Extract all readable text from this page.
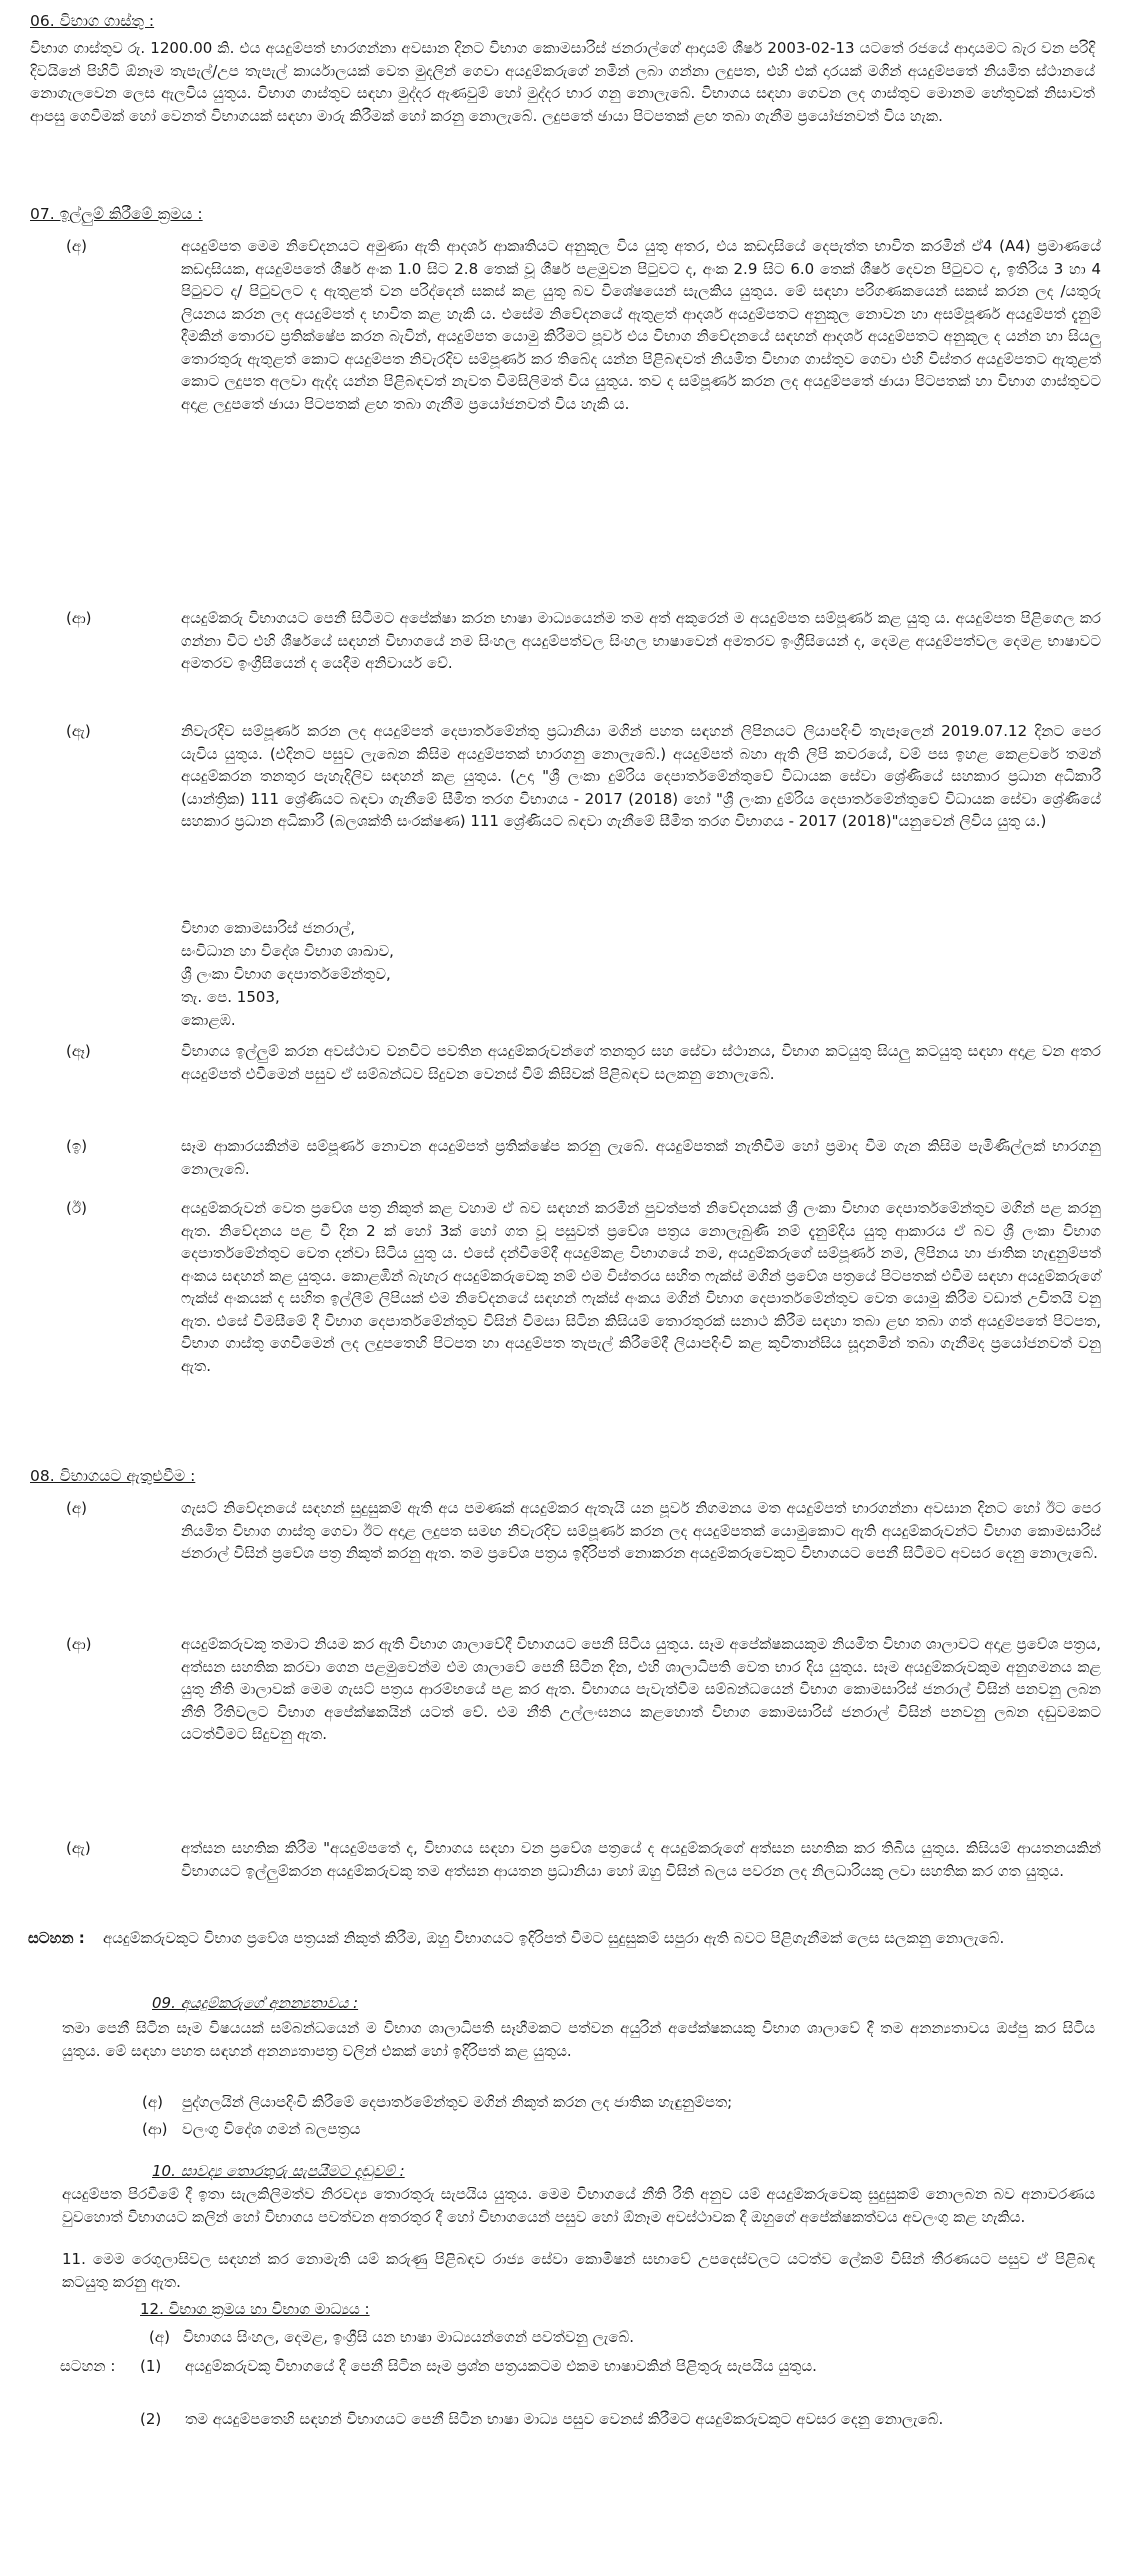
06. විභාග ගාස්තු :
විභාග ගාස්තුව රු. 1200.00 කි. එය අයදුම්පත් භාරගන්නා අවසාන දිනට විභාග කොමසාරිස් ජනරාල්ගේ ආදායම් ශීර්ෂ 2003-02-13 යටතේ රජයේ ආදායමට බැර වන පරිදි දිවයිනේ පිහිටි ඕනෑම තැපැල්/උප තැපැල් කාර්යාලයක් වෙත මුදලින් ගෙවා අයදුම්කරුගේ නමින් ලබා ගන්නා ලදුපත, එහි එක් දාරයක් මගින් අයදුම්පතේ නියමිත ස්ථානයේ නොගැලවෙන ලෙස ඇලවිය යුතුය. විභාග ගාස්තුව සඳහා මුද්දර ඇණවුම් හෝ මුද්දර භාර ගනු නොලැබේ. විභාගය සඳහා ගෙවන ලද ගාස්තුව මොනම හේතුවක් නිසාවත් ආපසු ගෙවීමක් හෝ වෙනත් විභාගයක් සඳහා මාරු කිරීමක් හෝ කරනු නොලැබේ. ලදුපතේ ඡායා පිටපතක් ළඟ තබා ගැනීම ප්‍රයෝජනවත් විය හැක.
07. ඉල්ලුම් කිරීමේ ක්‍රමය :
(අ)	අයදුම්පත මෙම නිවේදනයට අමුණා ඇති ආදර්ශ ආකෘතියට අනුකූල විය යුතු අතර, එය කඩදාසියේ දෙපැත්ත භාවිත කරමින් ඒ4 (A4) ප්‍රමාණයේ කඩදාසියක, අයදුම්පතේ ශීර්ෂ අංක 1.0 සිට 2.8 තෙක් වූ ශීර්ෂ පළමුවන පිටුවට ද, අංක 2.9 සිට 6.0 තෙක් ශීර්ෂ දෙවන පිටුවට ද, ඉතිරිය 3 හා 4 පිටුවට ද/ පිටුවලට ද ඇතුළත් වන පරිද්දෙන් සකස් කළ යුතු බව විශේෂයෙන් සැලකිය යුතුය. මේ සඳහා පරිගණකයෙන් සකස් කරන ලද /යතුරු ලියනය කරන ලද අයදුම්පත් ද භාවිත කළ හැකි ය. එසේම නිවේදනයේ ඇතුළත් ආදර්ශ අයදුම්පතට අනුකූල නොවන හා අසම්පූර්ණ අයදුම්පත් දැනුම් දීමකින් තොරව ප්‍රතික්ෂේප කරන බැවින්, අයදුම්පත යොමු කිරීමට පූර්ව එය විභාග නිවේදනයේ සඳහන් ආදර්ශ අයදුම්පතට අනුකූල ද යන්න හා සියලු තොරතුරු ඇතුළත් කොට අයදුම්පත නිවැරදිව සම්පූර්ණ කර තිබේද යන්න පිළිබඳවත් නියමිත විභාග ගාස්තුව ගෙවා එහි විස්තර අයදුම්පතට ඇතුළත් කොට ලදුපත අලවා ඇද්ද යන්න පිළිබඳවත් නැවත විමසිලිමත් විය යුතුය. තව ද සම්පූර්ණ කරන ලද අයදුම්පතේ ඡායා පිටපතක් හා විභාග ගාස්තුවට අදාළ ලදුපතේ ඡායා පිටපතක් ළඟ තබා ගැනීම ප්‍රයෝජනවත් විය හැකි ය.
(ආ)	අයදුම්කරු විභාගයට පෙනී සිටීමට අපේක්ෂා කරන භාෂා මාධ්‍යයෙන්ම තම අත් අකුරෙන් ම අයදුම්පත සම්පූර්ණ කළ යුතු ය. අයදුම්පත පිළිගෙල කර ගන්නා විට එහි ශීර්ෂයේ සඳහන් විභාගයේ නම සිංහල අයදුම්පත්වල සිංහල භාෂාවෙන් අමතරව ඉංග්‍රීසියෙන් ද, දෙමළ අයදුම්පත්වල දෙමළ භාෂාවට අමතරව ඉංග්‍රීසියෙන් ද යෙදීම අනිවාර්ය වේ.
(ඇ)	නිවැරදිව සම්පූර්ණ කරන ලද අයදුම්පත් දෙපාර්තමේන්තු ප්‍රධානියා මගින් පහත සඳහන් ලිපිනයට ලියාපදිංචි තැපෑලෙන් 2019.07.12 දිනට පෙර යැවිය යුතුය. (එදිනට පසුව ලැබෙන කිසිම අයදුම්පතක් භාරගනු නොලැබේ.) අයදුම්පත් බහා ඇති ලිපි කවරයේ, වම් පස ඉහළ කෙළවරේ තමන් අයදුම්කරන තනතුර පැහැදිලිව සඳහන් කළ යුතුය. (උදා "ශ්‍රී ලංකා දුම්රිය දෙපාර්තමේන්තුවේ විධායක සේවා ශ්‍රේණියේ සහකාර ප්‍රධාන අධිකාරී (යාන්ත්‍රික) 111 ශ්‍රේණියට බඳවා ගැනීමේ සීමිත තරග විභාගය - 2017 (2018) හෝ "ශ්‍රී ලංකා දුම්රිය දෙපාර්තමේන්තුවේ විධායක සේවා ශ්‍රේණියේ සහකාර ප්‍රධාන අධිකාරී (බලශක්ති සංරක්ෂණ) 111 ශ්‍රේණියට බඳවා ගැනීමේ සීමිත තරග විභාගය - 2017 (2018)"යනුවෙන් ලිවිය යුතු ය.)
විභාග කොමසාරිස් ජනරාල්,
සංවිධාන හා විදේශ විභාග ශාඛාව,
ශ්‍රී ලංකා විභාග දෙපාර්තමේන්තුව,
තැ. පෙ. 1503,
කොළඹ.
(ඈ)	විභාගය ඉල්ලුම් කරන අවස්ථාව වනවිට පවතින අයදුම්කරුවන්ගේ තනතුර සහ සේවා ස්ථානය, විභාග කටයුතු සියලු කටයුතු සඳහා අදාළ වන අතර අයදුම්පත් එවීමෙන් පසුව ඒ සම්බන්ධව සිදුවන වෙනස් වීම් කිසිවක් පිළිබඳව සලකනු නොලැබේ.
(ඉ)	සෑම ආකාරයකින්ම සම්පූර්ණ නොවන අයදුම්පත් ප්‍රතික්ෂේප කරනු ලැබේ. අයදුම්පතක් නැතිවීම හෝ ප්‍රමාද වීම ගැන කිසිම පැමිණිල්ලක් භාරගනු නොලැබේ.
(ඊ)	අයදුම්කරුවන් වෙත ප්‍රවේශ පත්‍ර නිකුත් කළ වහාම ඒ බව සඳහන් කරමින් පුවත්පත් නිවේදනයක් ශ්‍රී ලංකා විභාග දෙපාර්තමේන්තුව මගින් පළ කරනු ඇත. නිවේදනය පළ වී දින 2 ක් හෝ 3ක් හෝ ගත වූ පසුවත් ප්‍රවේශ පත්‍රය නොලැබුණි නම් දැනුම්දිය යුතු ආකාරය ඒ බව ශ්‍රී ලංකා විභාග දෙපාර්තමේන්තුව වෙත දන්වා සිටිය යුතු ය. එසේ දන්වීමේදී අයදුම්කළ විභාගයේ නම, අයදුම්කරුගේ සම්පූර්ණ නම, ලිපිනය හා ජාතික හැඳුනුම්පත් අංකය සඳහන් කළ යුතුය. කොළඹින් බැහැර අයදුම්කරුවෙකු නම් එම විස්තරය සහිත ෆැක්ස් මගින් ප්‍රවේශ පත්‍රයේ පිටපතක් එවීම සඳහා අයදුම්කරුගේ ෆැක්ස් අංකයක් ද සහිත ඉල්ලීම් ලිපියක් එම නිවේදනයේ සඳහන් ෆැක්ස් අංකය මගින් විභාග දෙපාර්තමේන්තුව වෙත යොමු කිරීම වඩාත් උචිතයි වනු ඇත. එසේ විමසීමේ දී විභාග දෙපාර්තමේන්තුව විසින් විමසා සිටින කිසියම් තොරතුරක් සනාථ කිරීම සඳහා තබා ළඟ තබා ගත් අයදුම්පතේ පිටපත, විභාග ගාස්තු ගෙවීමෙන් ලද ලදුපතෙහි පිටපත හා අයදුම්පත තැපැල් කිරීමේදී ලියාපදිංචි කළ කුවිතාන්සිය සූදානමින් තබා ගැනීමද ප්‍රයෝජනවත් වනු ඇත.
08. විභාගයට ඇතුළුවීම :
(අ)	ගැසට් නිවේදනයේ සඳහන් සුදුසුකම් ඇති අය පමණක් අයදුම්කර ඇතැයි යන පූර්ව නිගමනය මත අයදුම්පත් භාරගන්නා අවසාන දිනට හෝ ඊට පෙර නියමිත විභාග ගාස්තු ගෙවා ඊට අදාළ ලදුපත සමඟ නිවැරදිව සම්පූර්ණ කරන ලද අයදුම්පතක් යොමුකොට ඇති අයදුම්කරුවන්ට විභාග කොමසාරිස් ජනරාල් විසින් ප්‍රවේශ පත්‍ර නිකුත් කරනු ඇත. තම ප්‍රවේශ පත්‍රය ඉදිරිපත් නොකරන අයදුම්කරුවෙකුට විභාගයට පෙනී සිටීමට අවසර දෙනු නොලැබේ.
(ආ)	අයදුම්කරුවකු තමාට නියම කර ඇති විභාග ශාලාවේදී විභාගයට පෙනී සිටිය යුතුය. සෑම අපේක්ෂකයකුම නියමිත විභාග ශාලාවට අදාළ ප්‍රවේශ පත්‍රය, අත්සන සහතික කරවා ගෙන පළමුවෙන්ම එම ශාලාවේ පෙනී සිටින දින, එහි ශාලාධිපති වෙත භාර දිය යුතුය. සෑම අයදුම්කරුවකුම අනුගමනය කළ යුතු නීති මාලාවක් මෙම ගැසට් පත්‍රය ආරම්භයේ පළ කර ඇත. විභාගය පැවැත්වීම සම්බන්ධයෙන් විභාග කොමසාරිස් ජනරාල් විසින් පනවනු ලබන නීති රීතිවලට විභාග අපේක්ෂකයින් යටත් වේ. එම නීති උල්ලංඝනය කළහොත් විභාග කොමසාරිස් ජනරාල් විසින් පනවනු ලබන දඬුවමකට යටත්වීමට සිදුවනු ඇත.
(ඇ)	අත්සන සහතික කිරීම "අයදුම්පතේ ද, විභාගය සඳහා වන ප්‍රවේශ පත්‍රයේ ද අයදුම්කරුගේ අත්සන සහතික කර තිබිය යුතුය. කිසියම් ආයතනයකින් විභාගයට ඉල්ලුම්කරන අයදුම්කරුවකු තම අත්සන ආයතන ප්‍රධානියා හෝ ඔහු විසින් බලය පවරන ලද නිලධාරියකු ලවා සහතික කර ගත යුතුය.
සටහන : අයදුම්කරුවකුට විභාග ප්‍රවේශ පත්‍රයක් නිකුත් කිරීම, ඔහු විභාගයට ඉදිරිපත් වීමට සුදුසුකම් සපුරා ඇති බවට පිළිගැනීමක් ලෙස සලකනු නොලැබේ.
09. අයදුම්කරුගේ අනන්‍යතාවය :
තමා පෙනී සිටින සෑම විෂයයක් සම්බන්ධයෙන් ම විභාග ශාලාධිපති සෑහීමකට පත්වන අයුරින් අපේක්ෂකයකු විභාග ශාලාවේ දී තම අනන්‍යතාවය ඔප්පු කර සිටිය යුතුය. මේ සඳහා පහත සඳහන් අනන්‍යතාපත්‍ර වලින් එකක් හෝ ඉදිරිපත් කළ යුතුය.
(අ)	පුද්ගලයින් ලියාපදිංචි කිරීමේ දෙපාර්තමේන්තුව මගින් නිකුත් කරන ලද ජාතික හැඳුනුම්පත;
(ආ) වලංගු විදේශ ගමන් බලපත්‍රය
10. සාවද්‍ය තොරතුරු සැපයීමට දඬුවම් :
අයදුම්පත පිරවීමේ දී ඉතා සැලකිලිමත්ව නිරවද්‍ය තොරතුරු සැපයිය යුතුය. මෙම විභාගයේ නීති රීති අනුව යම් අයදුම්කරුවෙකු සුදුසුකම් නොලබන බව අනාවරණය වුවහොත් විභාගයට කලින් හෝ විභාගය පවත්වන අතරතුර දී හෝ විභාගයෙන් පසුව හෝ ඕනෑම අවස්ථාවක දී ඔහුගේ අපේක්ෂකත්වය අවලංගු කළ හැකිය.
11. මෙම රෙගුලාසිවල සඳහන් කර නොමැති යම් කරුණු පිළිබඳව රාජ්‍ය සේවා කොමිෂන් සභාවේ උපදෙස්වලට යටත්ව ලේකම් විසින් තීරණයට පසුව ඒ පිළිබඳ කටයුතු කරනු ඇත.
12. විභාග ක්‍රමය හා විභාග මාධ්‍යය :
(අ) විභාගය සිංහල, දෙමළ, ඉංග්‍රීසි යන භාෂා මාධ්‍යයන්ගෙන් පවත්වනු ලැබේ.
සටහන : (1) අයදුම්කරුවකු විභාගයේ දී පෙනී සිටින සෑම ප්‍රශ්න පත්‍රයකටම එකම භාෂාවකින් පිළිතුරු සැපයිය යුතුය.
(2) තම අයදුම්පතෙහි සඳහන් විභාගයට පෙනී සිටින භාෂා මාධ්‍ය පසුව වෙනස් කිරීමට අයදුම්කරුවකුට අවසර දෙනු නොලැබේ.
